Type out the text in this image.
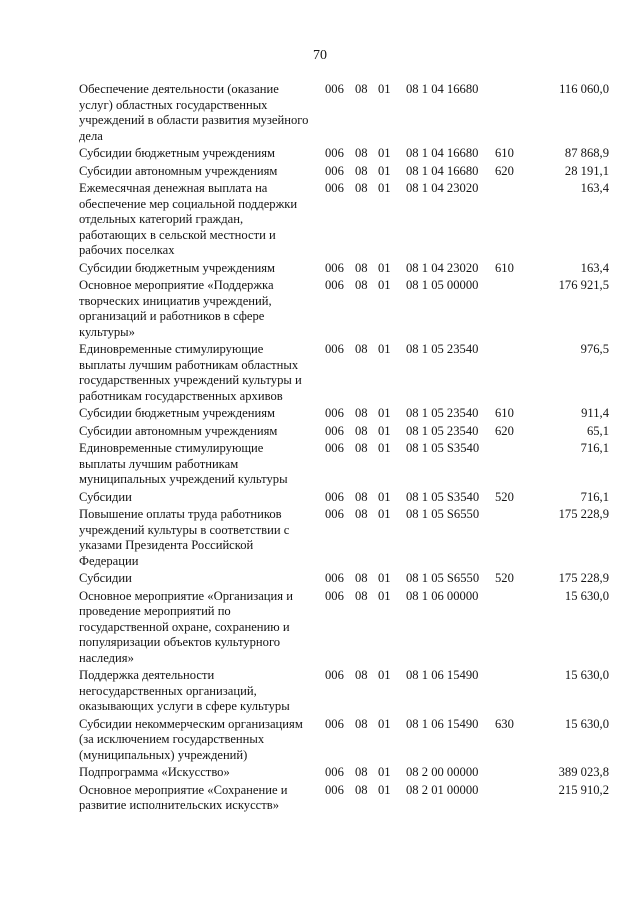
70
Обеспечение деятельности (оказание услуг) областных государственных учреждений в области развития музейного дела
006 08 01 08 1 04 16680	116 060,0
Субсидии бюджетным учреждениям	006 08 01 08 1 04 16680 610	87 868,9
Субсидии автономным учреждениям	006 08 01 08 1 04 16680 620	28 191,1
Ежемесячная денежная выплата на обеспечение мер социальной поддержки отдельных категорий граждан, работающих в сельской местности и рабочих поселках
006 08 01 08 1 04 23020	163,4
Субсидии бюджетным учреждениям	006 08 01 08 1 04 23020 610	163,4
Основное мероприятие «Поддержка творческих инициатив учреждений, организаций и работников в сфере культуры»
006 08 01 08 1 05 00000	176 921,5
Единовременные стимулирующие выплаты лучшим работникам областных государственных учреждений культуры и работникам государственных архивов
006 08 01 08 1 05 23540	976,5
Субсидии бюджетным учреждениям	006 08 01 08 1 05 23540 610	911,4
Субсидии автономным учреждениям	006 08 01 08 1 05 23540 620	65,1
Единовременные стимулирующие выплаты лучшим работникам муниципальных учреждений культуры
006 08 01 08 1 05 S3540	716,1
Субсидии	006 08 01 08 1 05 S3540 520	716,1
Повышение оплаты труда работников учреждений культуры в соответствии с указами Президента Российской Федерации
006 08 01 08 1 05 S6550	175 228,9
Субсидии	006 08 01 08 1 05 S6550 520	175 228,9
Основное мероприятие «Организация и проведение мероприятий по государственной охране, сохранению и популяризации объектов культурного наследия»
006 08 01 08 1 06 00000	15 630,0
Поддержка деятельности негосударственных организаций, оказывающих услуги в сфере культуры
006 08 01 08 1 06 15490	15 630,0
Субсидии некоммерческим организациям (за исключением государственных (муниципальных) учреждений)
006 08 01 08 1 06 15490 630	15 630,0
Подпрограмма «Искусство»	006 08 01 08 2 00 00000	389 023,8
Основное мероприятие «Сохранение и развитие исполнительских искусств»
006 08 01 08 2 01 00000	215 910,2
